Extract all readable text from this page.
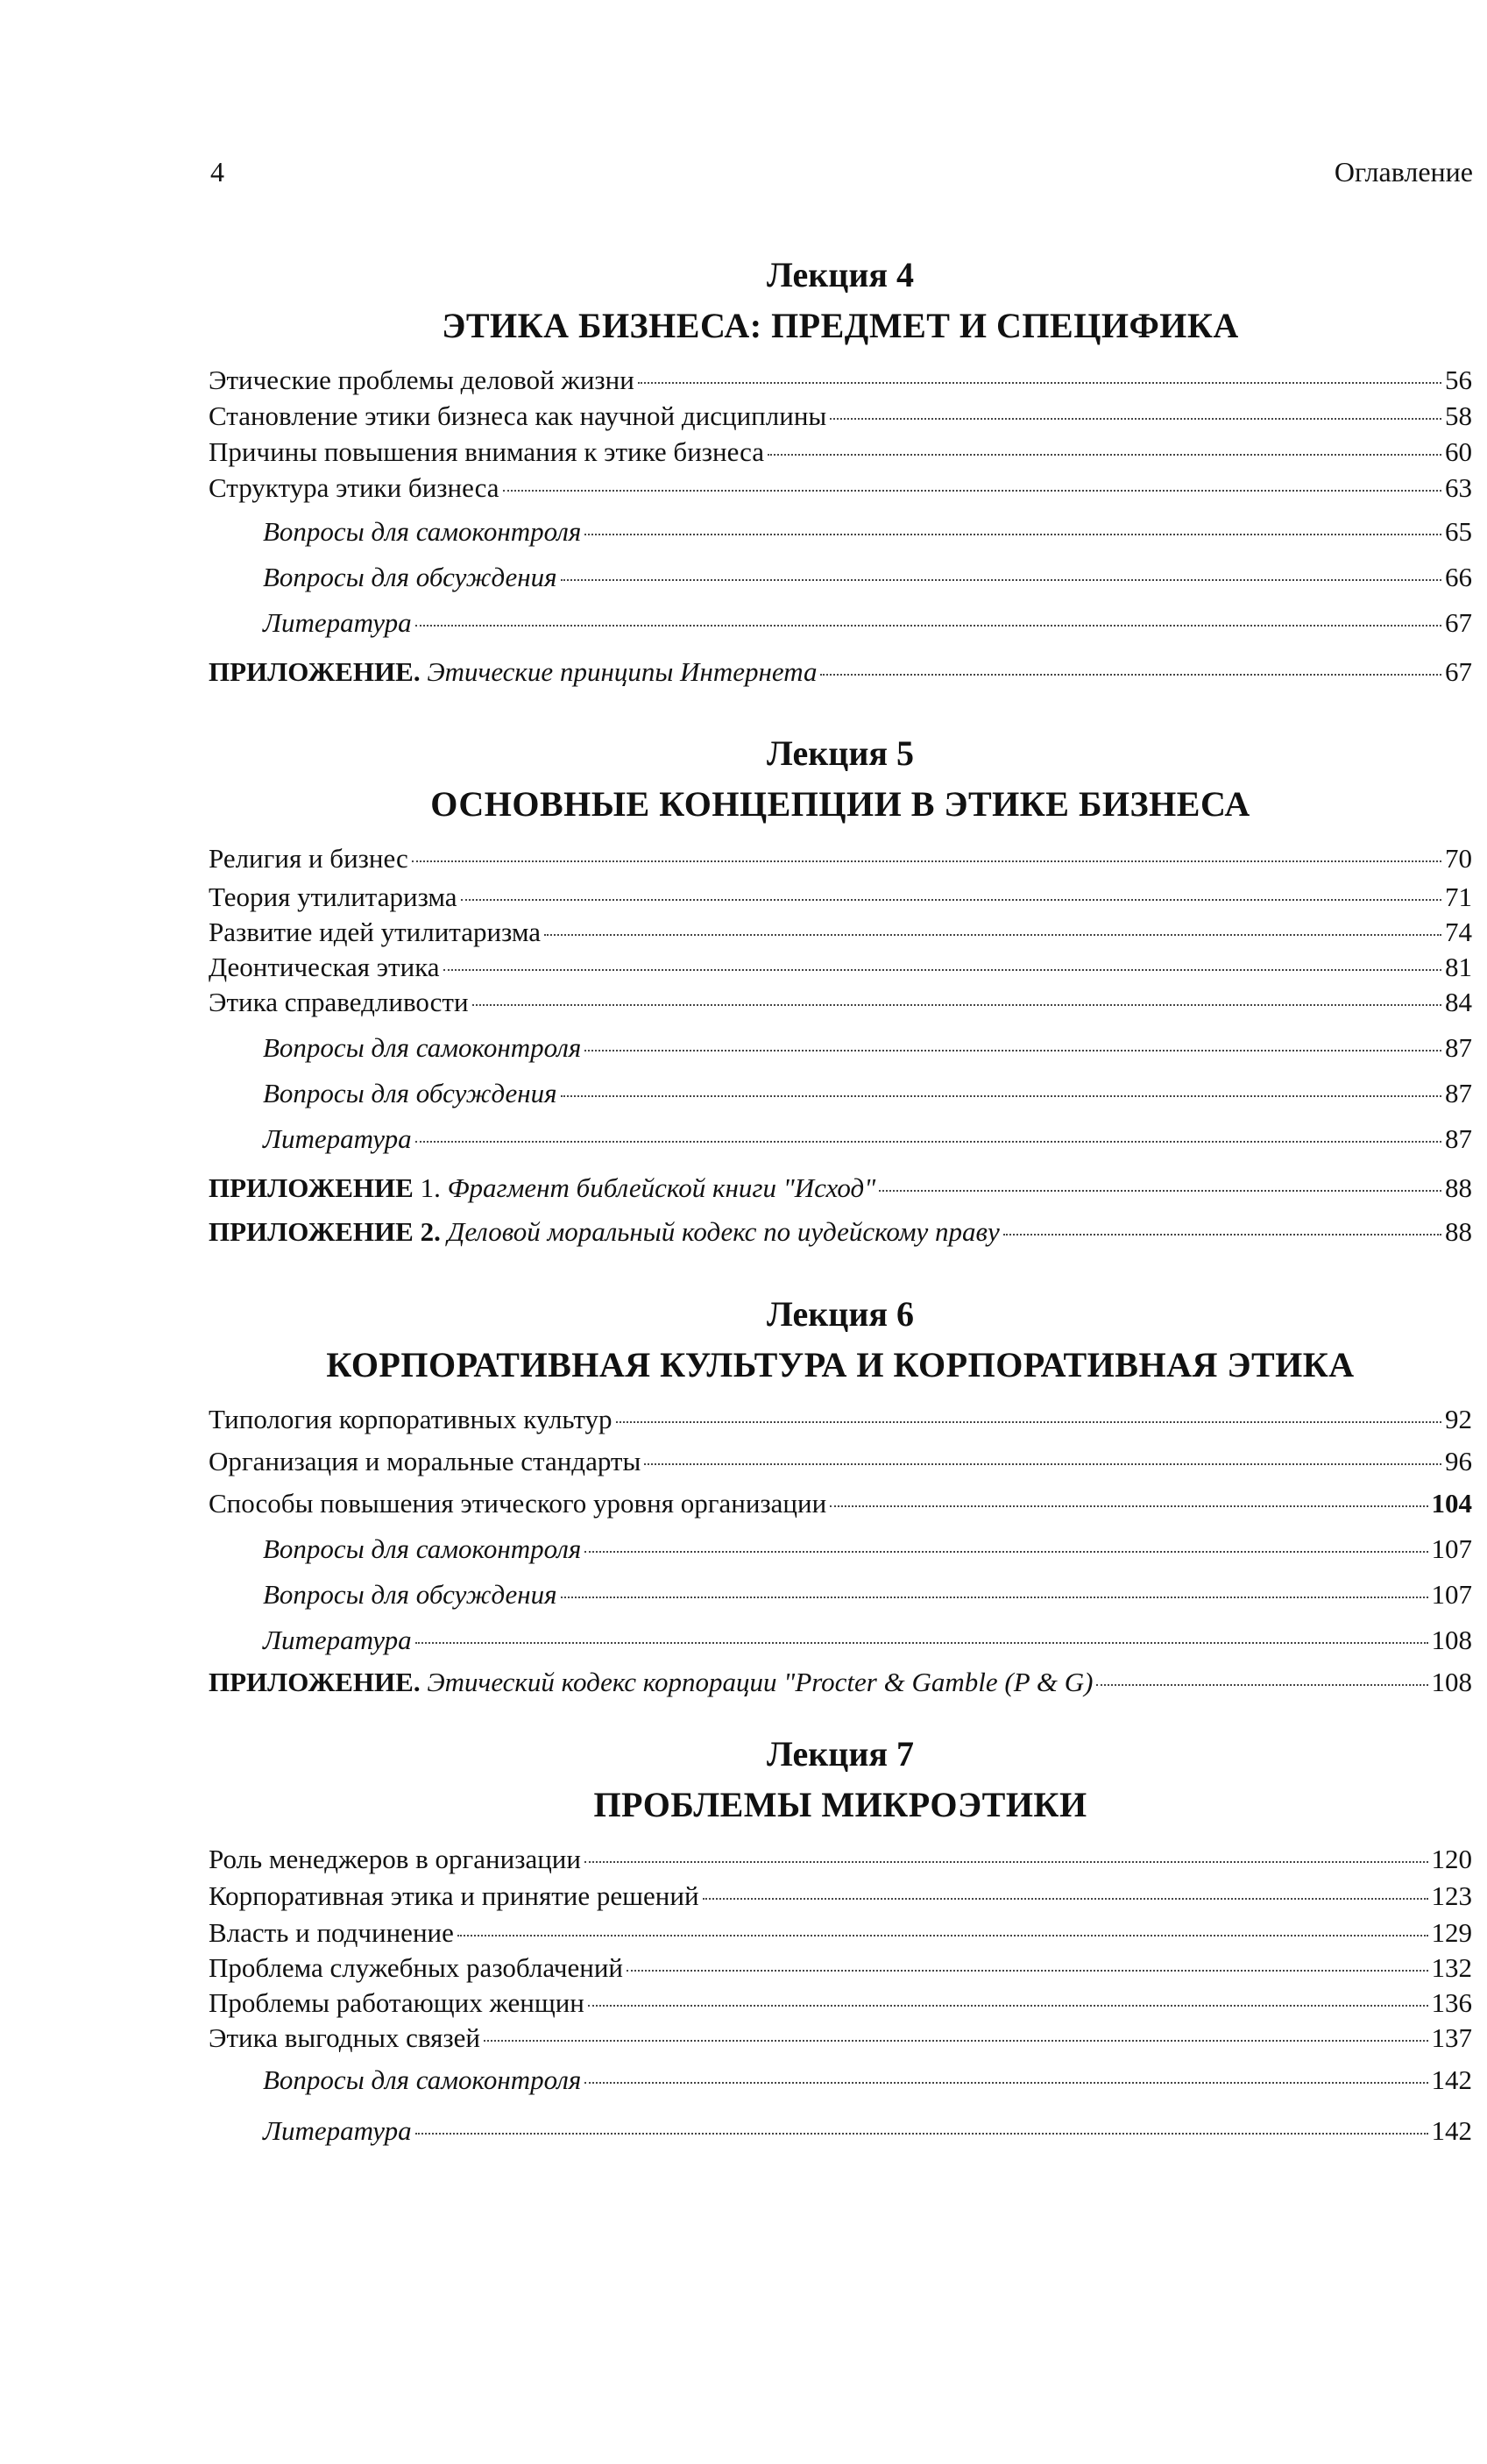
4	Оглавление
Лекция 4
ЭТИКА БИЗНЕСА: ПРЕДМЕТ И СПЕЦИФИКА
Этические проблемы деловой жизни	56
Становление этики бизнеса как научной дисциплины	58
Причины повышения внимания к этике бизнеса	60
Структура этики бизнеса	63
Вопросы для самоконтроля	65
Вопросы для обсуждения	66
Литература	67
ПРИЛОЖЕНИЕ. Этические принципы Интернета	67
Лекция 5
ОСНОВНЫЕ КОНЦЕПЦИИ В ЭТИКЕ БИЗНЕСА
Религия и бизнес	70
Теория утилитаризма	71
Развитие идей утилитаризма	74
Деонтическая этика	81
Этика справедливости	84
Вопросы для самоконтроля	87
Вопросы для обсуждения	87
Литература	87
ПРИЛОЖЕНИЕ 1. Фрагмент библейской книги "Исход"	88
ПРИЛОЖЕНИЕ 2. Деловой моральный кодекс по иудейскому праву	88
Лекция 6
КОРПОРАТИВНАЯ КУЛЬТУРА И КОРПОРАТИВНАЯ ЭТИКА
Типология корпоративных культур	92
Организация и моральные стандарты	96
Способы повышения этического уровня организации	104
Вопросы для самоконтроля	107
Вопросы для обсуждения	107
Литература	108
ПРИЛОЖЕНИЕ. Этический кодекс корпорации "Procter & Gamble (P & G)	108
Лекция 7
ПРОБЛЕМЫ МИКРОЭТИКИ
Роль менеджеров в организации	120
Корпоративная этика и принятие решений	123
Власть и подчинение	129
Проблема служебных разоблачений	132
Проблемы работающих женщин	136
Этика выгодных связей	137
Вопросы для самоконтроля	142
Литература	142
